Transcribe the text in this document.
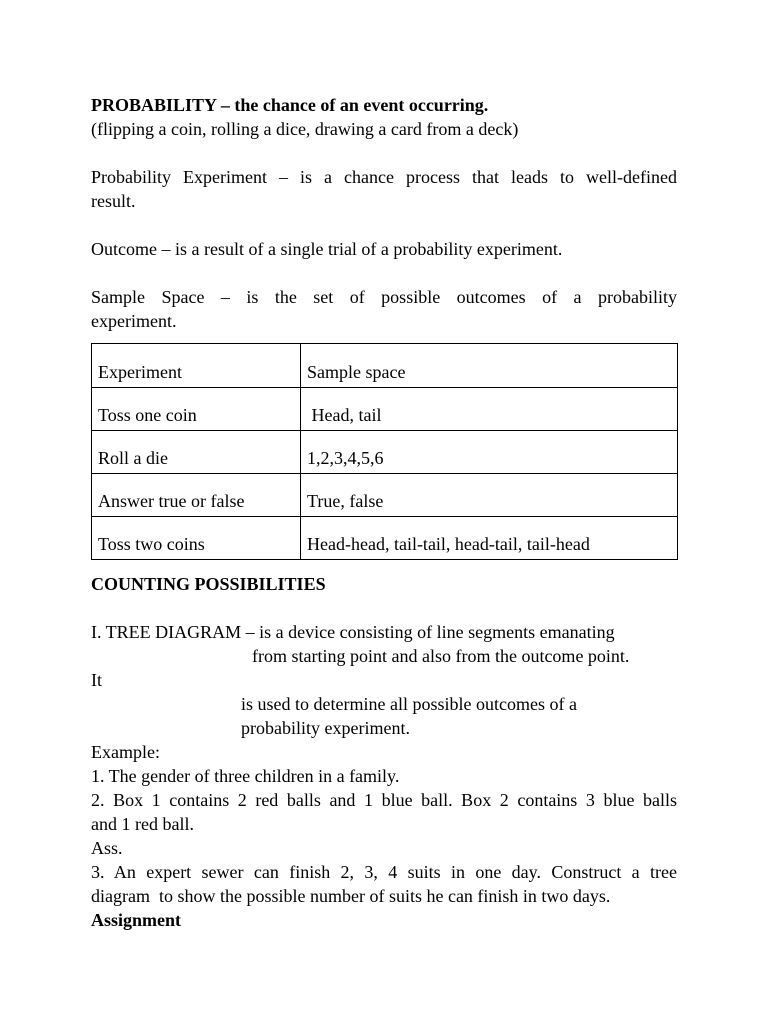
PROBABILITY – the chance of an event occurring.

(flipping a coin, rolling a dice, drawing a card from a deck)

Probability Experiment – is a chance process that leads to well-defined

result.

Outcome – is a result of a single trial of a probability experiment.

Sample Space – is the set of possible outcomes of a probability

experiment.

Experiment	Sample space
Toss one coin	Head, tail
Roll a die	1,2,3,4,5,6
Answer true or false	True, false
Toss two coins	Head-head, tail-tail, head-tail, tail-head

COUNTING POSSIBILITIES

I. TREE DIAGRAM – is a device consisting of line segments emanating

from starting point and also from the outcome point.

It

is used to determine all possible outcomes of a

probability experiment.

Example:

1. The gender of three children in a family.

2. Box 1 contains 2 red balls and 1 blue ball. Box 2 contains 3 blue balls

and 1 red ball.

Ass.

3. An expert sewer can finish 2, 3, 4 suits in one day. Construct a tree

diagram  to show the possible number of suits he can finish in two days.

Assignment
